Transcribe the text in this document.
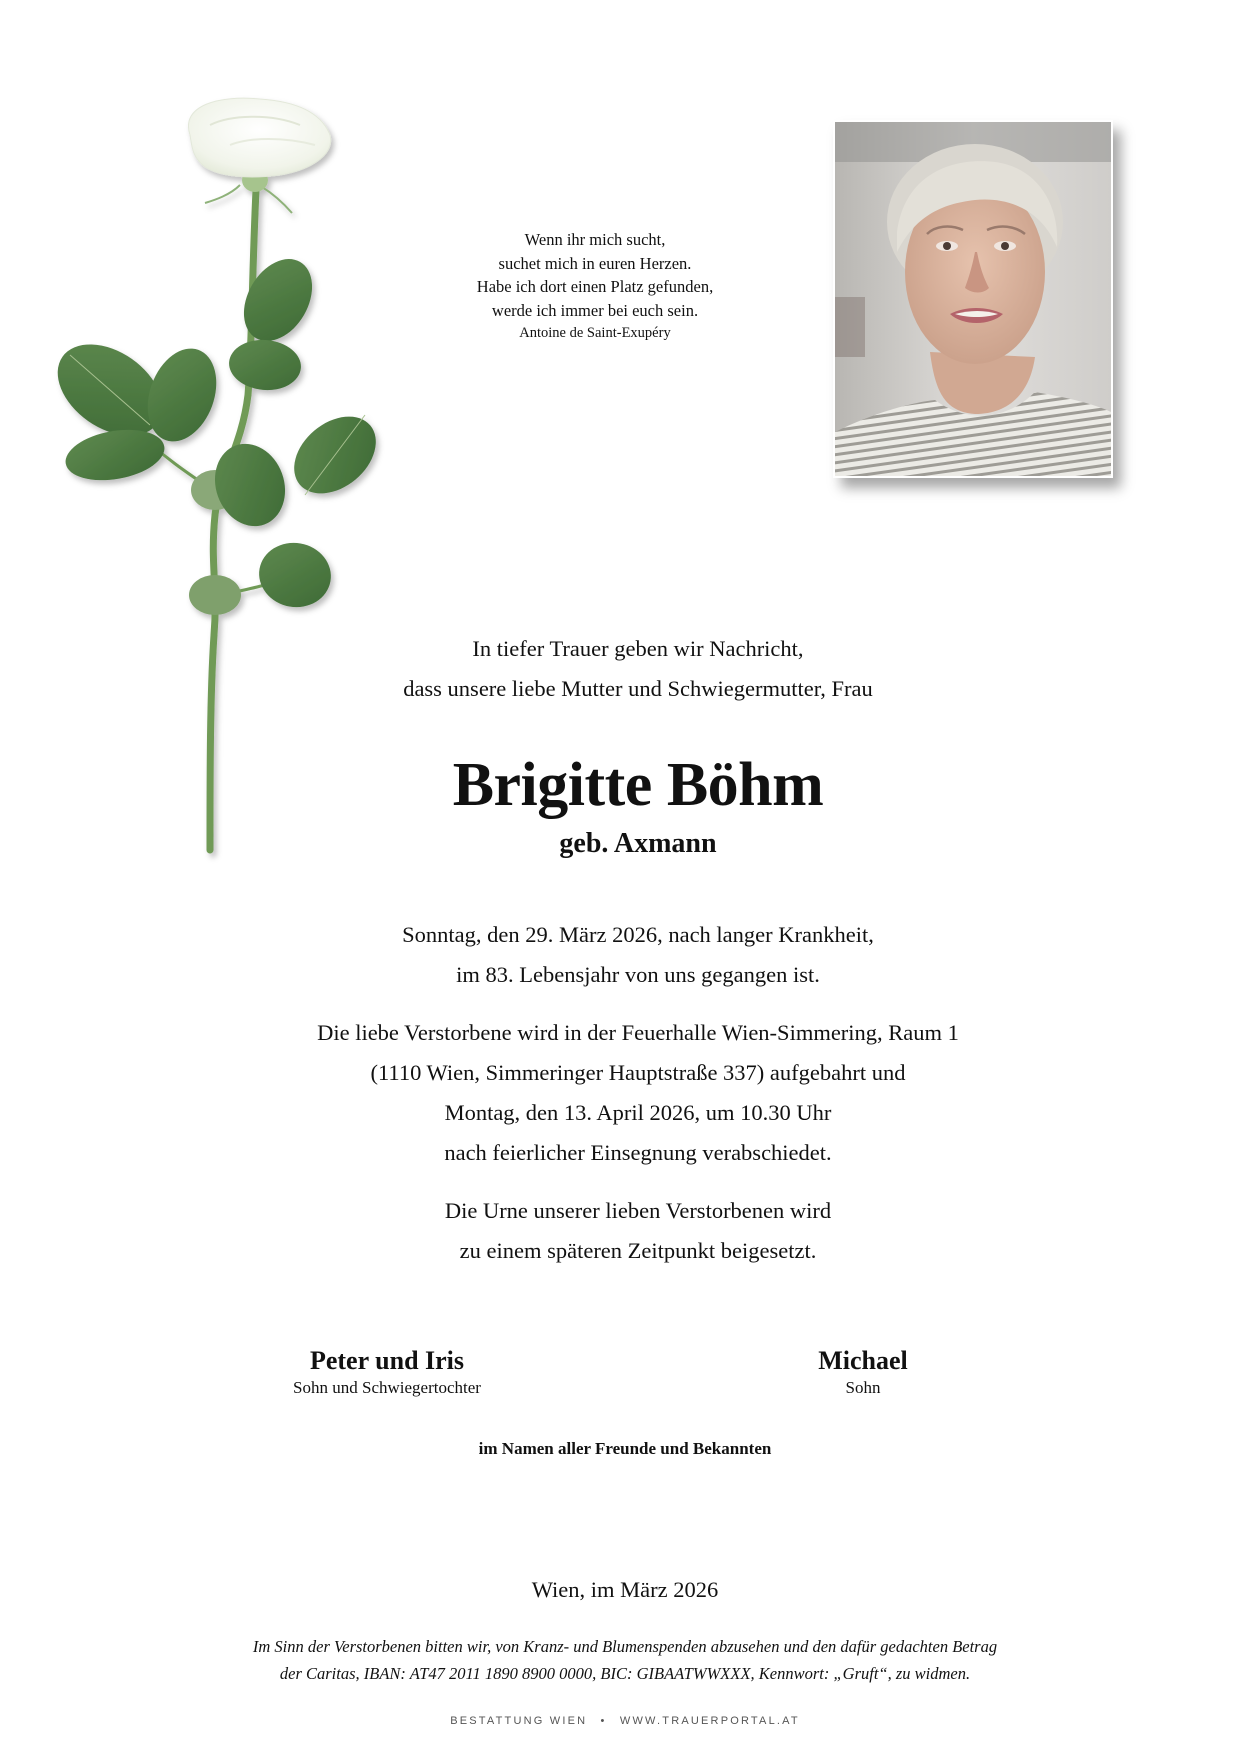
Wenn ihr mich sucht,
suchet mich in euren Herzen.
Habe ich dort einen Platz gefunden,
werde ich immer bei euch sein.
Antoine de Saint-Exupéry
In tiefer Trauer geben wir Nachricht,
dass unsere liebe Mutter und Schwiegermutter, Frau
Brigitte Böhm
geb. Axmann
Sonntag, den 29. März 2026, nach langer Krankheit,
im 83. Lebensjahr von uns gegangen ist.
Die liebe Verstorbene wird in der Feuerhalle Wien-Simmering, Raum 1
(1110 Wien, Simmeringer Hauptstraße 337) aufgebahrt und
Montag, den 13. April 2026, um 10.30 Uhr
nach feierlicher Einsegnung verabschiedet.
Die Urne unserer lieben Verstorbenen wird
zu einem späteren Zeitpunkt beigesetzt.
Peter und Iris
Sohn und Schwiegertochter
Michael
Sohn
im Namen aller Freunde und Bekannten
Wien, im März 2026
Im Sinn der Verstorbenen bitten wir, von Kranz- und Blumenspenden abzusehen und den dafür gedachten Betrag
der Caritas, IBAN: AT47 2011 1890 8900 0000, BIC: GIBAATWWXXX, Kennwort: „Gruft“, zu widmen.
BESTATTUNG WIEN • WWW.TRAUERPORTAL.AT
